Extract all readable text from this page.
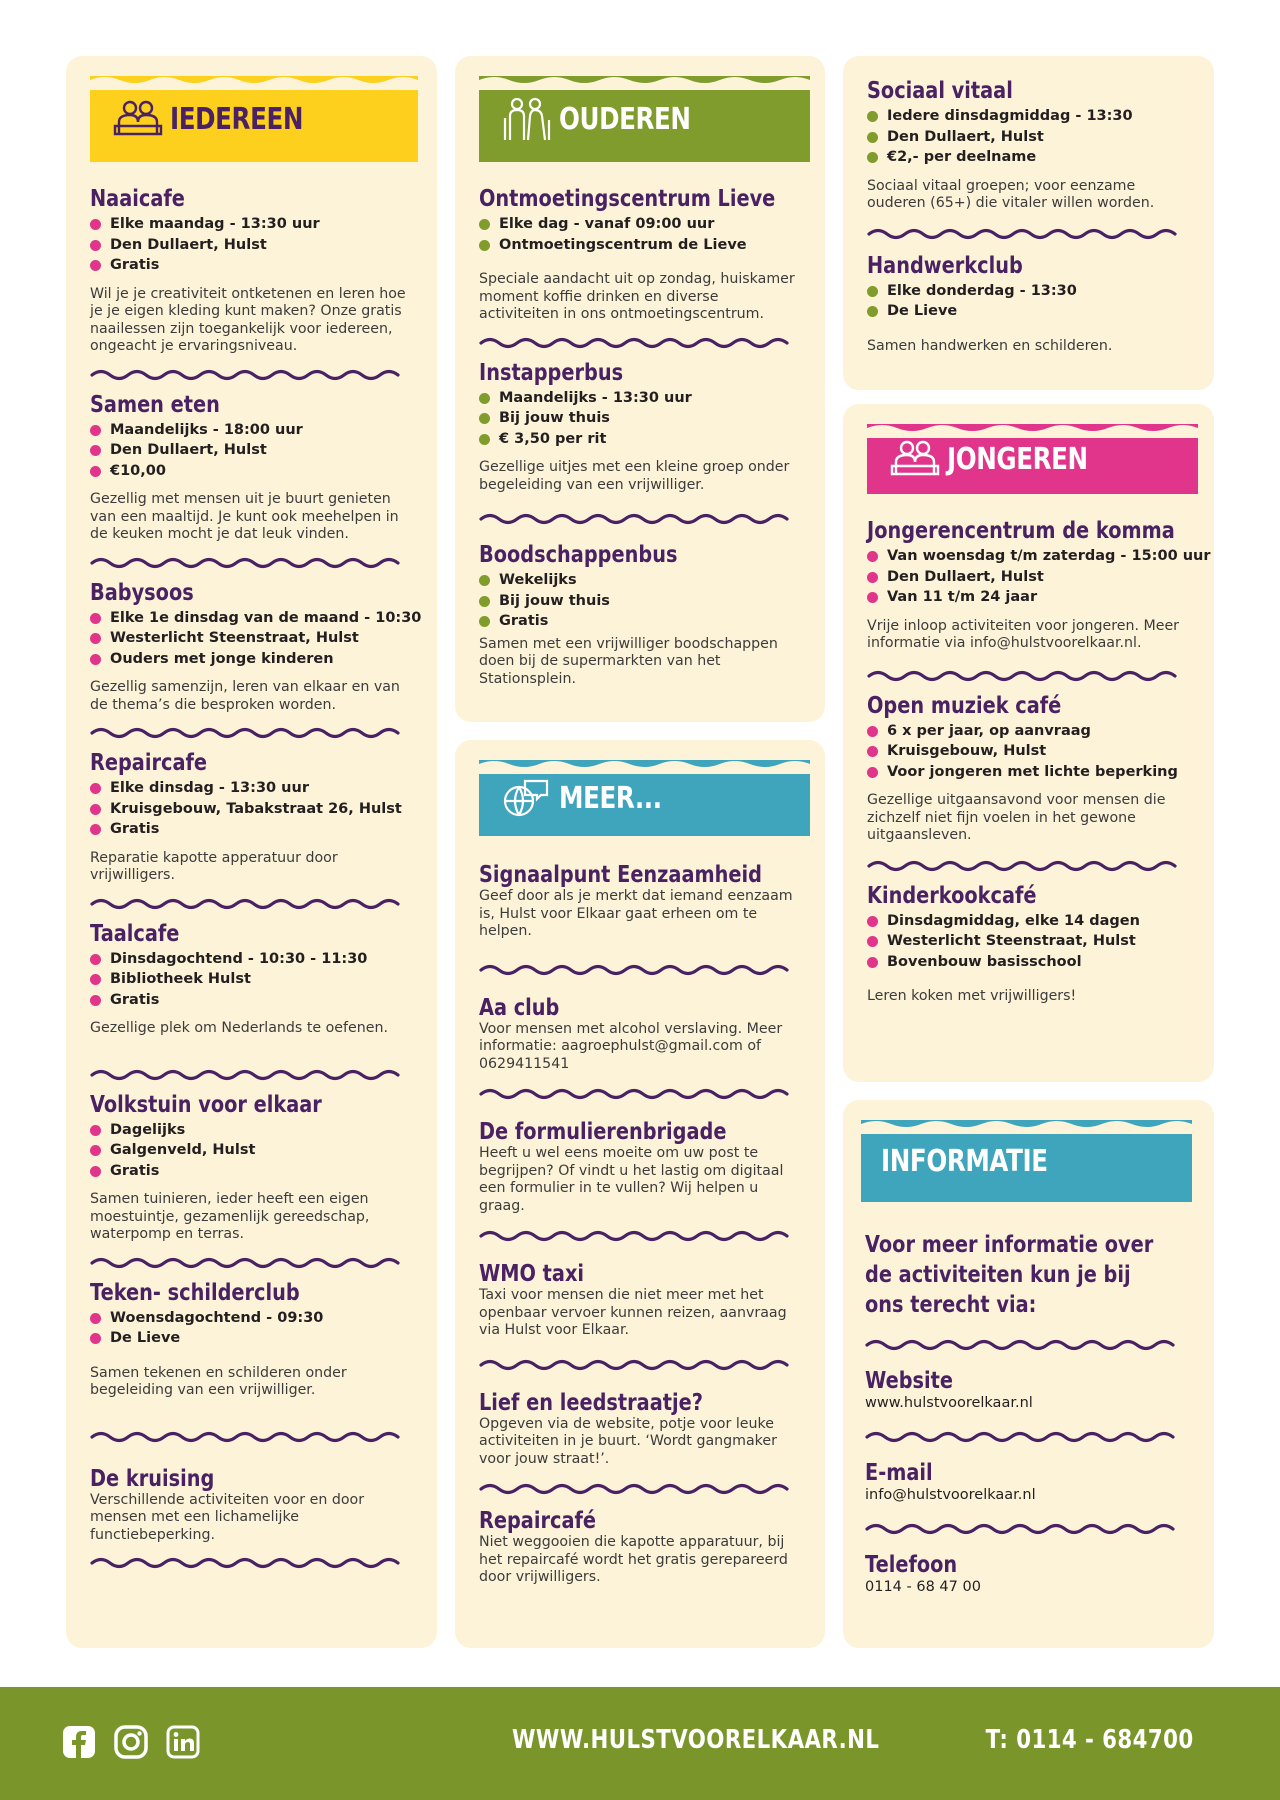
IEDEREEN
Naaicafe
Elke maandag - 13:30 uur
Den Dullaert, Hulst
Gratis
Wil je je creativiteit ontketenen en leren hoe je je eigen kleding kunt maken? Onze gratis naailessen zijn toegankelijk voor iedereen, ongeacht je ervaringsniveau.
Samen eten
Maandelijks - 18:00 uur
Den Dullaert, Hulst
€10,00
Gezellig met mensen uit je buurt genieten van een maaltijd. Je kunt ook meehelpen in de keuken mocht je dat leuk vinden.
Babysoos
Elke 1e dinsdag van de maand - 10:30
Westerlicht Steenstraat, Hulst
Ouders met jonge kinderen
Gezellig samenzijn, leren van elkaar en van de thema’s die besproken worden.
Repaircafe
Elke dinsdag - 13:30 uur
Kruisgebouw, Tabakstraat 26, Hulst
Gratis
Reparatie kapotte apperatuur door vrijwilligers.
Taalcafe
Dinsdagochtend - 10:30 - 11:30
Bibliotheek Hulst
Gratis
Gezellige plek om Nederlands te oefenen.
Volkstuin voor elkaar
Dagelijks
Galgenveld, Hulst
Gratis
Samen tuinieren, ieder heeft een eigen moestuintje, gezamenlijk gereedschap, waterpomp en terras.
Teken- schilderclub
Woensdagochtend - 09:30
De Lieve
Samen tekenen en schilderen onder begeleiding van een vrijwilliger.
De kruising
Verschillende activiteiten voor en door mensen met een lichamelijke functiebeperking.
OUDEREN
Ontmoetingscentrum Lieve
Elke dag - vanaf 09:00 uur
Ontmoetingscentrum de Lieve
Speciale aandacht uit op zondag, huiskamer moment koffie drinken en diverse activiteiten in ons ontmoetingscentrum.
Instapperbus
Maandelijks - 13:30 uur
Bij jouw thuis
€ 3,50 per rit
Gezellige uitjes met een kleine groep onder begeleiding van een vrijwilliger.
Boodschappenbus
Wekelijks
Bij jouw thuis
Gratis
Samen met een vrijwilliger boodschappen doen bij de supermarkten van het Stationsplein.
MEER...
Signaalpunt Eenzaamheid
Geef door als je merkt dat iemand eenzaam is, Hulst voor Elkaar gaat erheen om te helpen.
Aa club
Voor mensen met alcohol verslaving. Meer informatie: aagroephulst@gmail.com of 0629411541
De formulierenbrigade
Heeft u wel eens moeite om uw post te begrijpen? Of vindt u het lastig om digitaal een formulier in te vullen? Wij helpen u graag.
WMO taxi
Taxi voor mensen die niet meer met het openbaar vervoer kunnen reizen, aanvraag via Hulst voor Elkaar.
Lief en leedstraatje?
Opgeven via de website, potje voor leuke activiteiten in je buurt. ‘Wordt gangmaker voor jouw straat!’.
Repaircafé
Niet weggooien die kapotte apparatuur, bij het repaircafé wordt het gratis gerepareerd door vrijwilligers.
Sociaal vitaal
Iedere dinsdagmiddag - 13:30
Den Dullaert, Hulst
€2,- per deelname
Sociaal vitaal groepen; voor eenzame ouderen (65+) die vitaler willen worden.
Handwerkclub
Elke donderdag - 13:30
De Lieve
Samen handwerken en schilderen.
JONGEREN
Jongerencentrum de komma
Van woensdag t/m zaterdag - 15:00 uur
Den Dullaert, Hulst
Van 11 t/m 24 jaar
Vrije inloop activiteiten voor jongeren. Meer informatie via info@hulstvoorelkaar.nl.
Open muziek café
6 x per jaar, op aanvraag
Kruisgebouw, Hulst
Voor jongeren met lichte beperking
Gezellige uitgaansavond voor mensen die zichzelf niet fijn voelen in het gewone uitgaansleven.
Kinderkookcafé
Dinsdagmiddag, elke 14 dagen
Westerlicht Steenstraat, Hulst
Bovenbouw basisschool
Leren koken met vrijwilligers!
INFORMATIE
Voor meer informatie over de activiteiten kun je bij ons terecht via:
Website
www.hulstvoorelkaar.nl
E-mail
info@hulstvoorelkaar.nl
Telefoon
0114 - 68 47 00
WWW.HULSTVOORELKAAR.NL	T: 0114 - 684700
